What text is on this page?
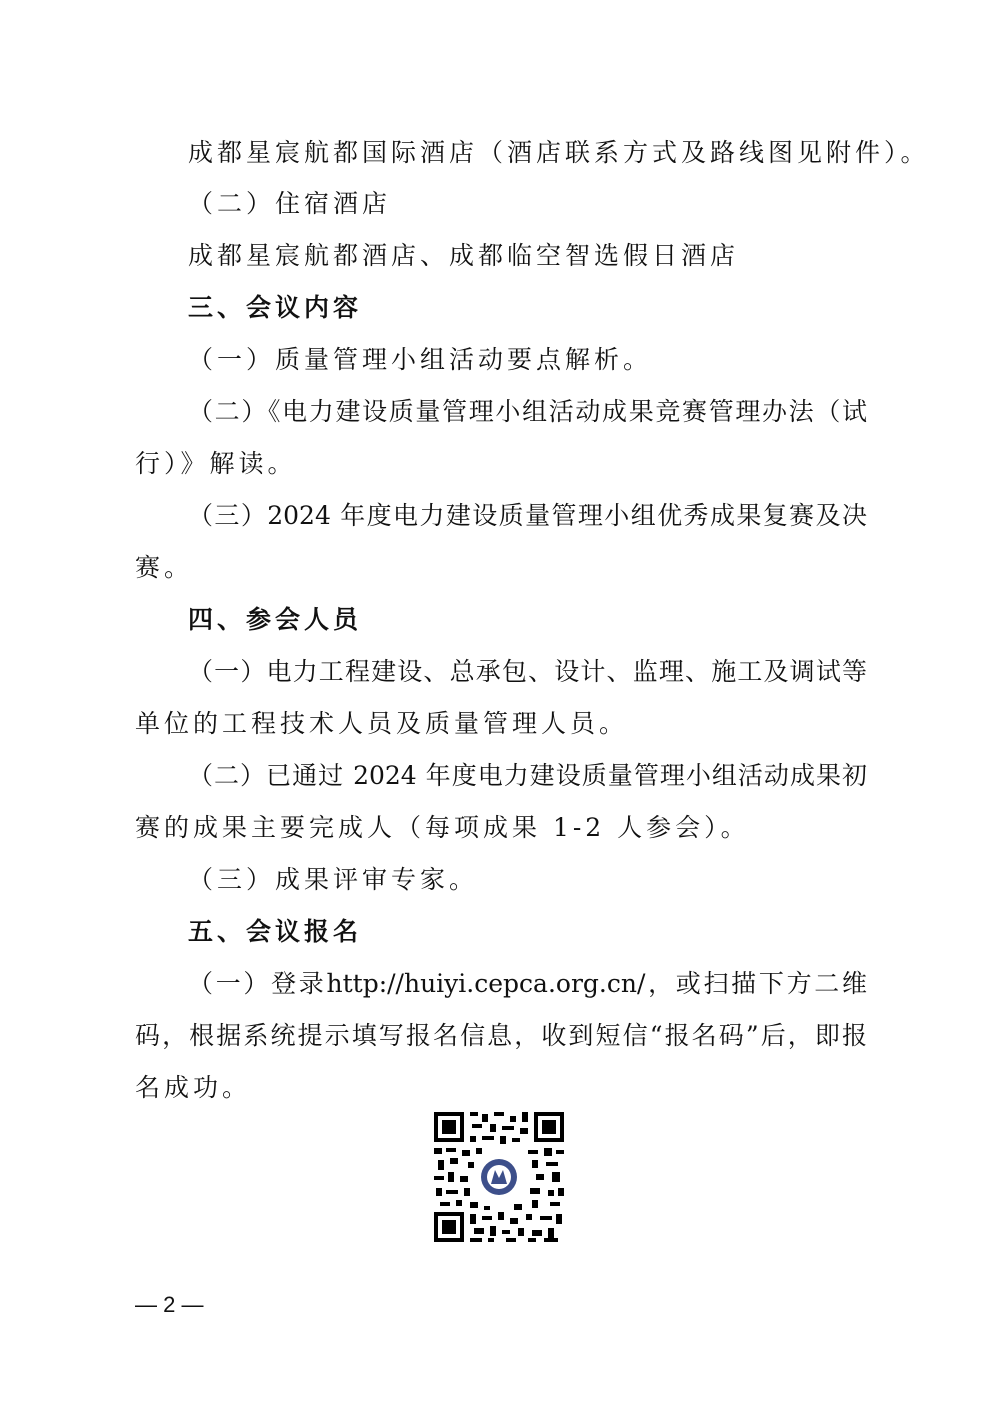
成都星宸航都国际酒店（酒店联系方式及路线图见附件）。
（二）住宿酒店
成都星宸航都酒店、成都临空智选假日酒店
三、会议内容
（一）质量管理小组活动要点解析。
（二）《电力建设质量管理小组活动成果竞赛管理办法（试
行）》解读。
（三）2024 年度电力建设质量管理小组优秀成果复赛及决
赛。
四、参会人员
（一）电力工程建设、总承包、设计、监理、施工及调试等
单位的工程技术人员及质量管理人员。
（二）已通过 2024 年度电力建设质量管理小组活动成果初
赛的成果主要完成人（每项成果 1-2 人参会）。
（三）成果评审专家。
五、会议报名
（一）登录http://huiyi.cepca.org.cn/，或扫描下方二维
码，根据系统提示填写报名信息，收到短信“报名码”后，即报
名成功。
— 2 —
